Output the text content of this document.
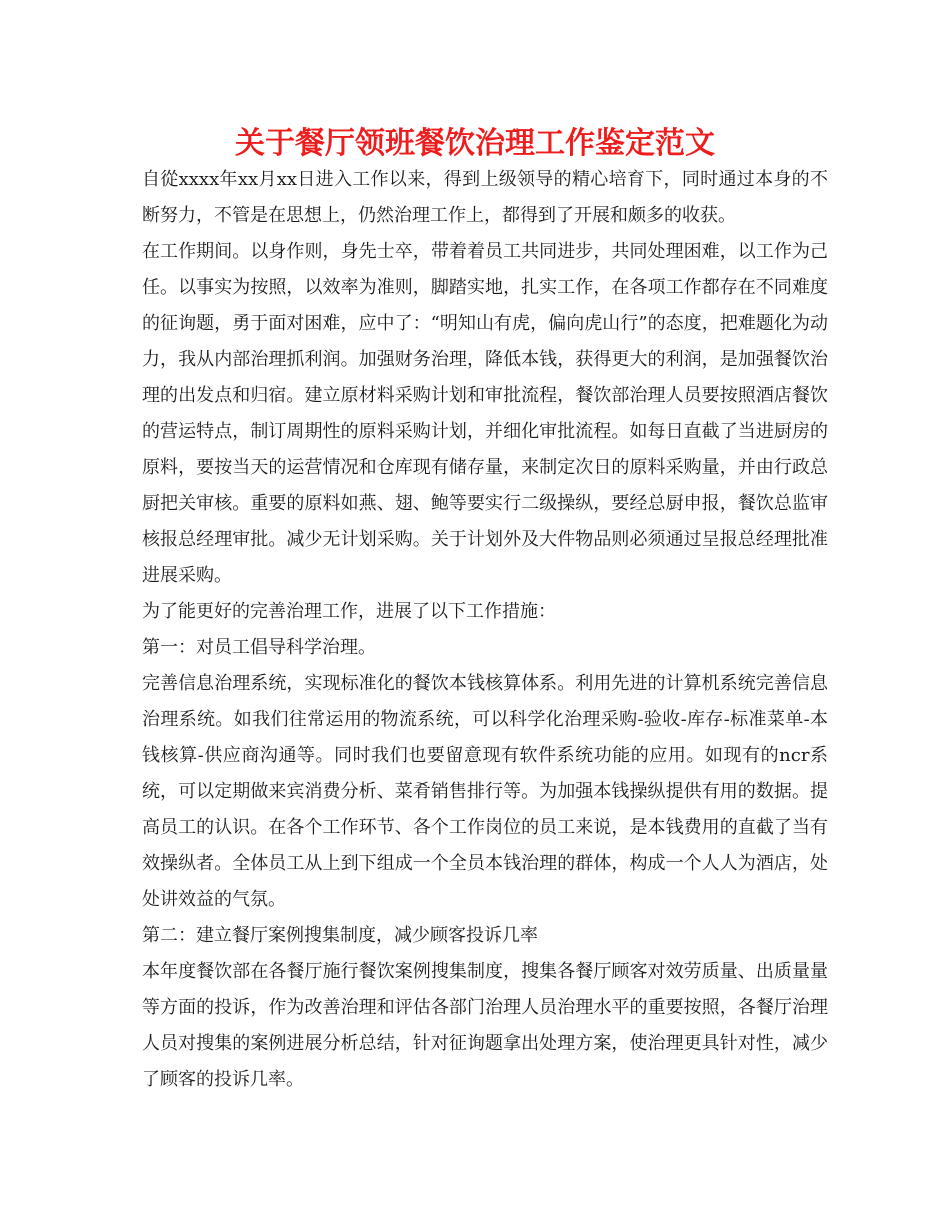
关于餐厅领班餐饮治理工作鉴定范文

自從xxxx年xx月xx日进入工作以来，得到上级领导的精心培育下，同时通过本身的不断努力，不管是在思想上，仍然治理工作上，都得到了开展和颇多的收获。

在工作期间。以身作则，身先士卒，带着着员工共同进步，共同处理困难，以工作为己任。以事实为按照，以效率为准则，脚踏实地，扎实工作，在各项工作都存在不同难度的征询题，勇于面对困难，应中了：“明知山有虎，偏向虎山行”的态度，把难题化为动力，我从内部治理抓利润。加强财务治理，降低本钱，获得更大的利润，是加强餐饮治理的出发点和归宿。建立原材料采购计划和审批流程，餐饮部治理人员要按照酒店餐饮的营运特点，制订周期性的原料采购计划，并细化审批流程。如每日直截了当进厨房的原料，要按当天的运营情况和仓库现有储存量，来制定次日的原料采购量，并由行政总厨把关审核。重要的原料如燕、翅、鲍等要实行二级操纵，要经总厨申报，餐饮总监审核报总经理审批。减少无计划采购。关于计划外及大件物品则必须通过呈报总经理批准进展采购。

为了能更好的完善治理工作，进展了以下工作措施：

第一：对员工倡导科学治理。

完善信息治理系统，实现标准化的餐饮本钱核算体系。利用先进的计算机系统完善信息治理系统。如我们往常运用的物流系统，可以科学化治理采购-验收-库存-标准菜单-本钱核算-供应商沟通等。同时我们也要留意现有软件系统功能的应用。如现有的ncr系统，可以定期做来宾消费分析、菜肴销售排行等。为加强本钱操纵提供有用的数据。提高员工的认识。在各个工作环节、各个工作岗位的员工来说，是本钱费用的直截了当有效操纵者。全体员工从上到下组成一个全员本钱治理的群体，构成一个人人为酒店，处处讲效益的气氛。

第二：建立餐厅案例搜集制度，减少顾客投诉几率

本年度餐饮部在各餐厅施行餐饮案例搜集制度，搜集各餐厅顾客对效劳质量、出质量量等方面的投诉，作为改善治理和评估各部门治理人员治理水平的重要按照，各餐厅治理人员对搜集的案例进展分析总结，针对征询题拿出处理方案，使治理更具针对性，减少了顾客的投诉几率。
